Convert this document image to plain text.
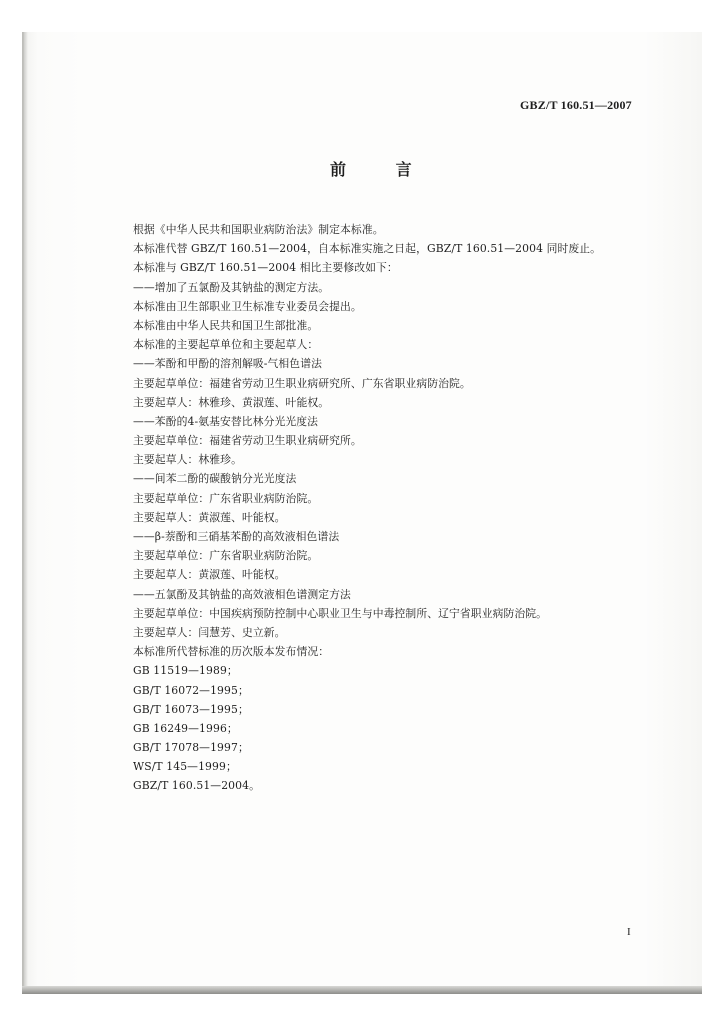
GBZ/T 160.51—2007
前 言
根据《中华人民共和国职业病防治法》制定本标准。
本标准代替 GBZ/T 160.51—2004，自本标准实施之日起，GBZ/T 160.51—2004 同时废止。
本标准与 GBZ/T 160.51—2004 相比主要修改如下：
——增加了五氯酚及其钠盐的测定方法。
本标准由卫生部职业卫生标准专业委员会提出。
本标准由中华人民共和国卫生部批准。
本标准的主要起草单位和主要起草人：
——苯酚和甲酚的溶剂解吸-气相色谱法
主要起草单位：福建省劳动卫生职业病研究所、广东省职业病防治院。
主要起草人：林雅珍、黄淑莲、叶能权。
——苯酚的4-氨基安替比林分光光度法
主要起草单位：福建省劳动卫生职业病研究所。
主要起草人：林雅珍。
——间苯二酚的碳酸钠分光光度法
主要起草单位：广东省职业病防治院。
主要起草人：黄淑莲、叶能权。
——β-萘酚和三硝基苯酚的高效液相色谱法
主要起草单位：广东省职业病防治院。
主要起草人：黄淑莲、叶能权。
——五氯酚及其钠盐的高效液相色谱测定方法
主要起草单位：中国疾病预防控制中心职业卫生与中毒控制所、辽宁省职业病防治院。
主要起草人：闫慧芳、史立新。
本标准所代替标准的历次版本发布情况：
GB 11519—1989；
GB/T 16072—1995；
GB/T 16073—1995；
GB 16249—1996；
GB/T 17078—1997；
WS/T 145—1999；
GBZ/T 160.51—2004。
I
